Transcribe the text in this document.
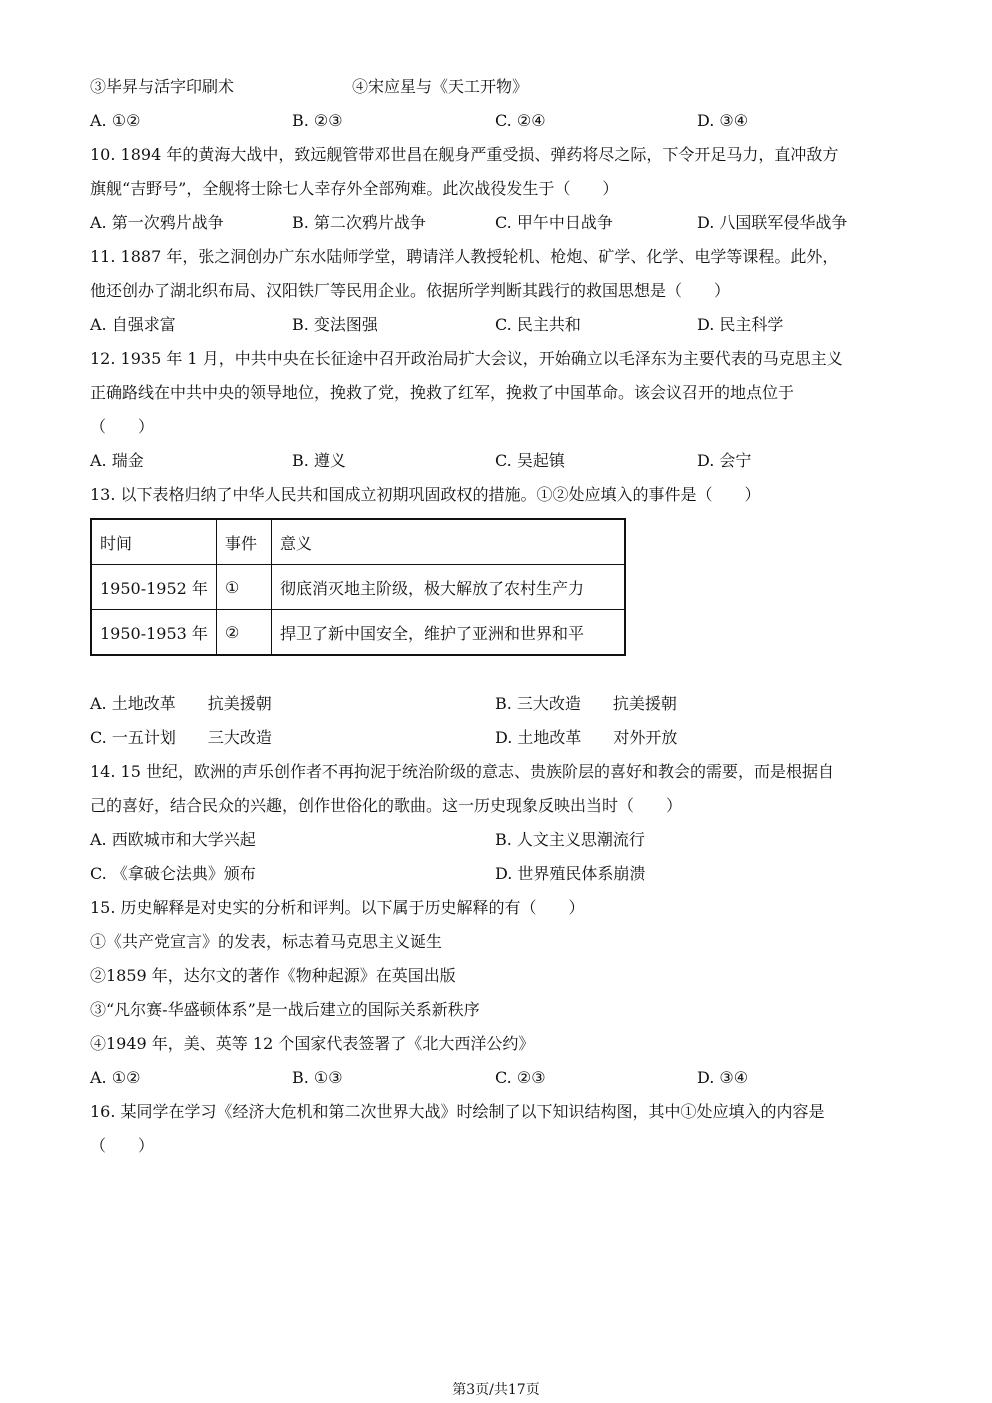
③毕昇与活字印刷术	④宋应星与《天工开物》
A. ①②	B. ②③	C. ②④	D. ③④
10. 1894 年的黄海大战中，致远舰管带邓世昌在舰身严重受损、弹药将尽之际，下令开足马力，直冲敌方
旗舰“吉野号”，全舰将士除七人幸存外全部殉难。此次战役发生于（　　）
A. 第一次鸦片战争	B. 第二次鸦片战争	C. 甲午中日战争	D. 八国联军侵华战争
11. 1887 年，张之洞创办广东水陆师学堂，聘请洋人教授轮机、枪炮、矿学、化学、电学等课程。此外，
他还创办了湖北织布局、汉阳铁厂等民用企业。依据所学判断其践行的救国思想是（　　）
A. 自强求富	B. 变法图强	C. 民主共和	D. 民主科学
12. 1935 年 1 月，中共中央在长征途中召开政治局扩大会议，开始确立以毛泽东为主要代表的马克思主义
正确路线在中共中央的领导地位，挽救了党，挽救了红军，挽救了中国革命。该会议召开的地点位于
（　　）
A. 瑞金	B. 遵义	C. 吴起镇	D. 会宁
13. 以下表格归纳了中华人民共和国成立初期巩固政权的措施。①②处应填入的事件是（　　）
时间	事件	意义
1950-1952 年	①	彻底消灭地主阶级，极大解放了农村生产力
1950-1953 年	②	捍卫了新中国安全，维护了亚洲和世界和平
A. 土地改革　　抗美援朝	B. 三大改造　　抗美援朝
C. 一五计划　　三大改造	D. 土地改革　　对外开放
14. 15 世纪，欧洲的声乐创作者不再拘泥于统治阶级的意志、贵族阶层的喜好和教会的需要，而是根据自
己的喜好，结合民众的兴趣，创作世俗化的歌曲。这一历史现象反映出当时（　　）
A. 西欧城市和大学兴起	B. 人文主义思潮流行
C. 《拿破仑法典》颁布	D. 世界殖民体系崩溃
15. 历史解释是对史实的分析和评判。以下属于历史解释的有（　　）
①《共产党宣言》的发表，标志着马克思主义诞生
②1859 年，达尔文的著作《物种起源》在英国出版
③“凡尔赛-华盛顿体系”是一战后建立的国际关系新秩序
④1949 年，美、英等 12 个国家代表签署了《北大西洋公约》
A. ①②	B. ①③	C. ②③	D. ③④
16. 某同学在学习《经济大危机和第二次世界大战》时绘制了以下知识结构图，其中①处应填入的内容是
（　　）
第3页/共17页
